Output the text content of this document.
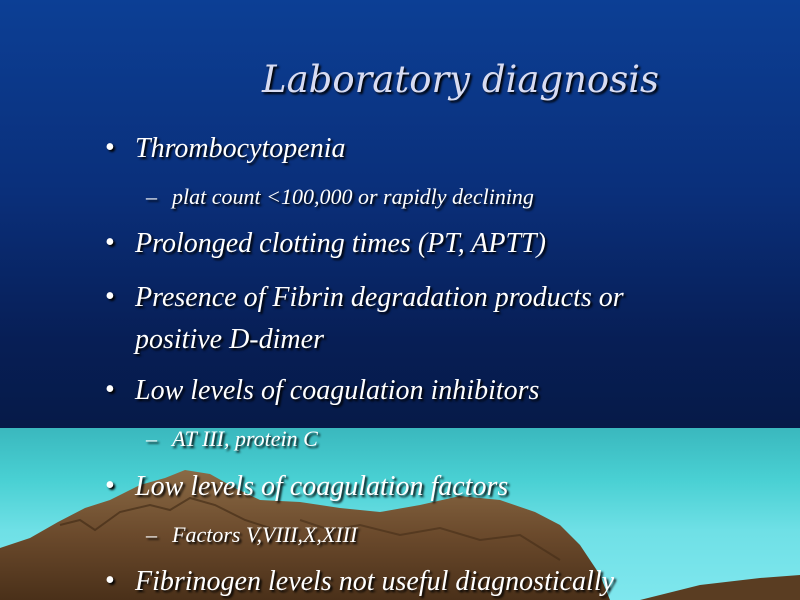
Laboratory diagnosis
• Thrombocytopenia
– plat count <100,000 or rapidly declining
• Prolonged clotting times (PT, APTT)
• Presence of Fibrin degradation products or
positive D-dimer
• Low levels of coagulation inhibitors
– AT III, protein C
• Low levels of coagulation factors
– Factors V,VIII,X,XIII
• Fibrinogen levels not useful diagnostically
